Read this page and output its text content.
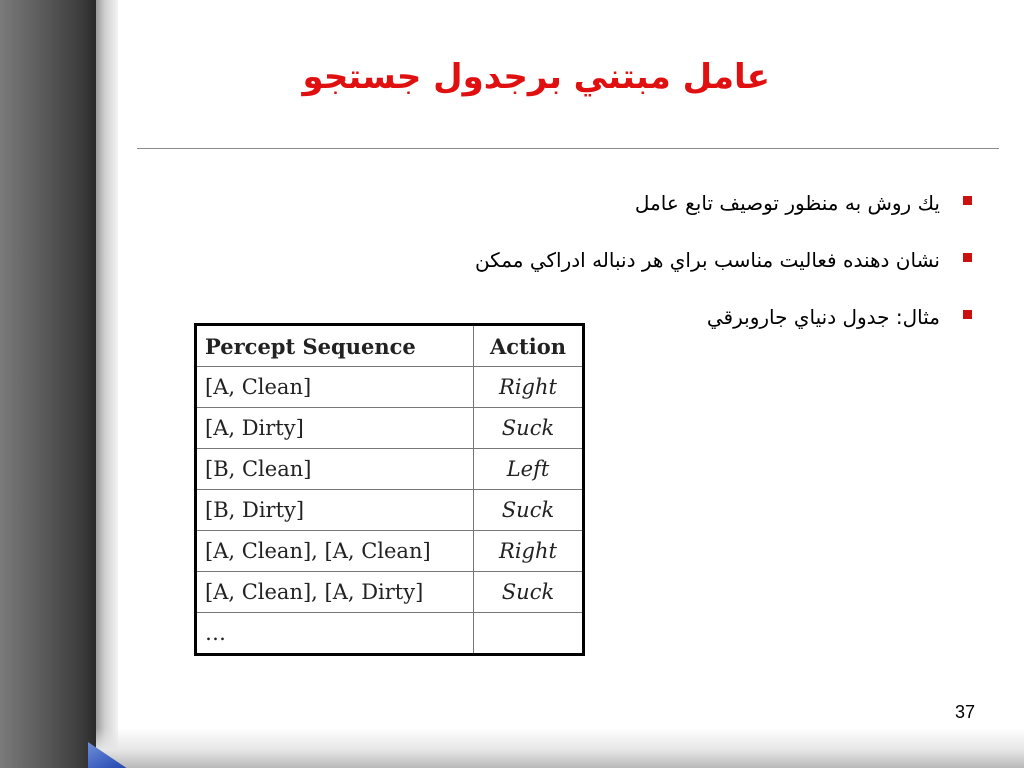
عامل مبتني برجدول جستجو
يك روش به منظور توصيف تابع عامل
نشان دهنده فعاليت مناسب براي هر دنباله ادراكي ممكن
مثال: جدول دنياي جاروبرقي
Percept Sequence	Action
[A, Clean]	Right
[A, Dirty]	Suck
[B, Clean]	Left
[B, Dirty]	Suck
[A, Clean], [A, Clean]	Right
[A, Clean], [A, Dirty]	Suck
…	
37
